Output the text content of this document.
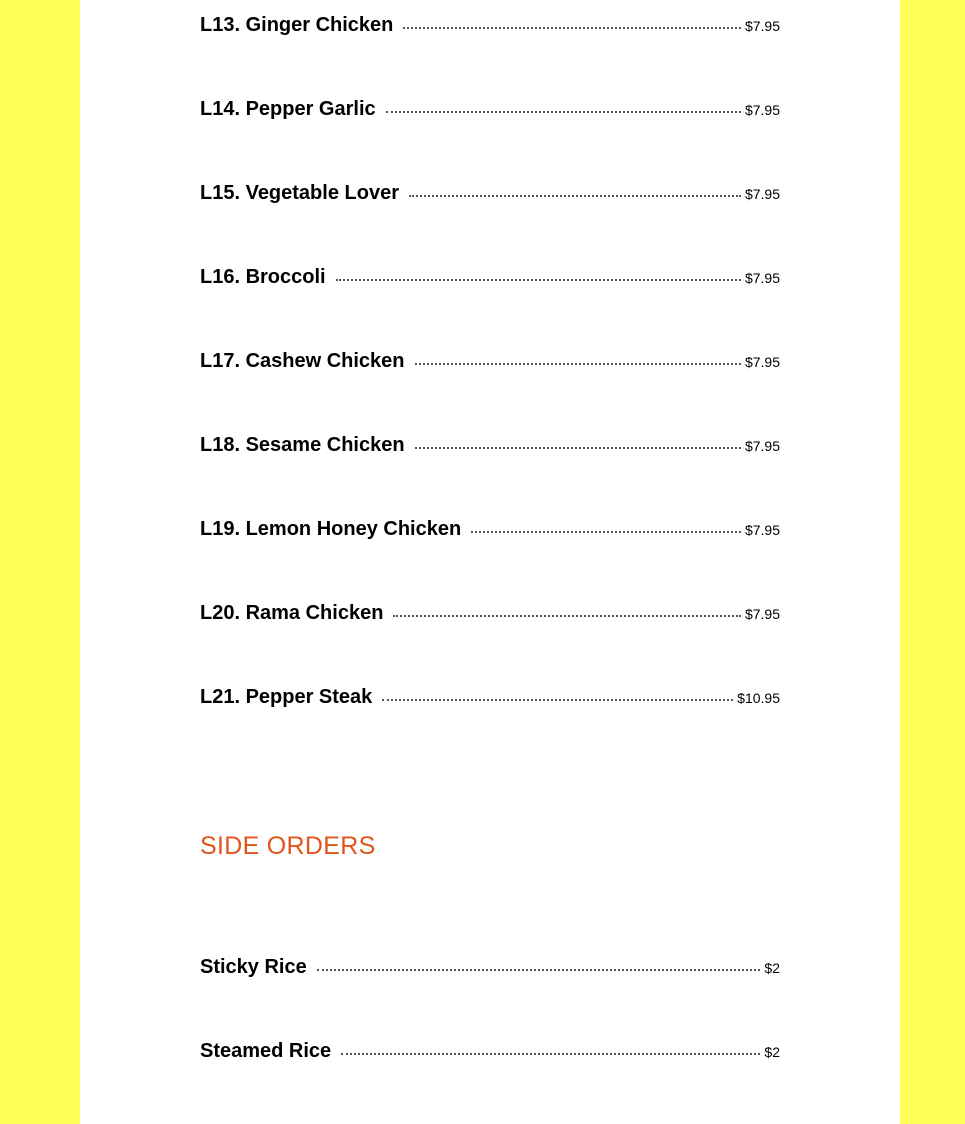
L13. Ginger Chicken	$7.95
L14. Pepper Garlic	$7.95
L15. Vegetable Lover	$7.95
L16. Broccoli	$7.95
L17. Cashew Chicken	$7.95
L18. Sesame Chicken	$7.95
L19. Lemon Honey Chicken	$7.95
L20. Rama Chicken	$7.95
L21. Pepper Steak	$10.95
SIDE ORDERS
Sticky Rice	$2
Steamed Rice	$2
